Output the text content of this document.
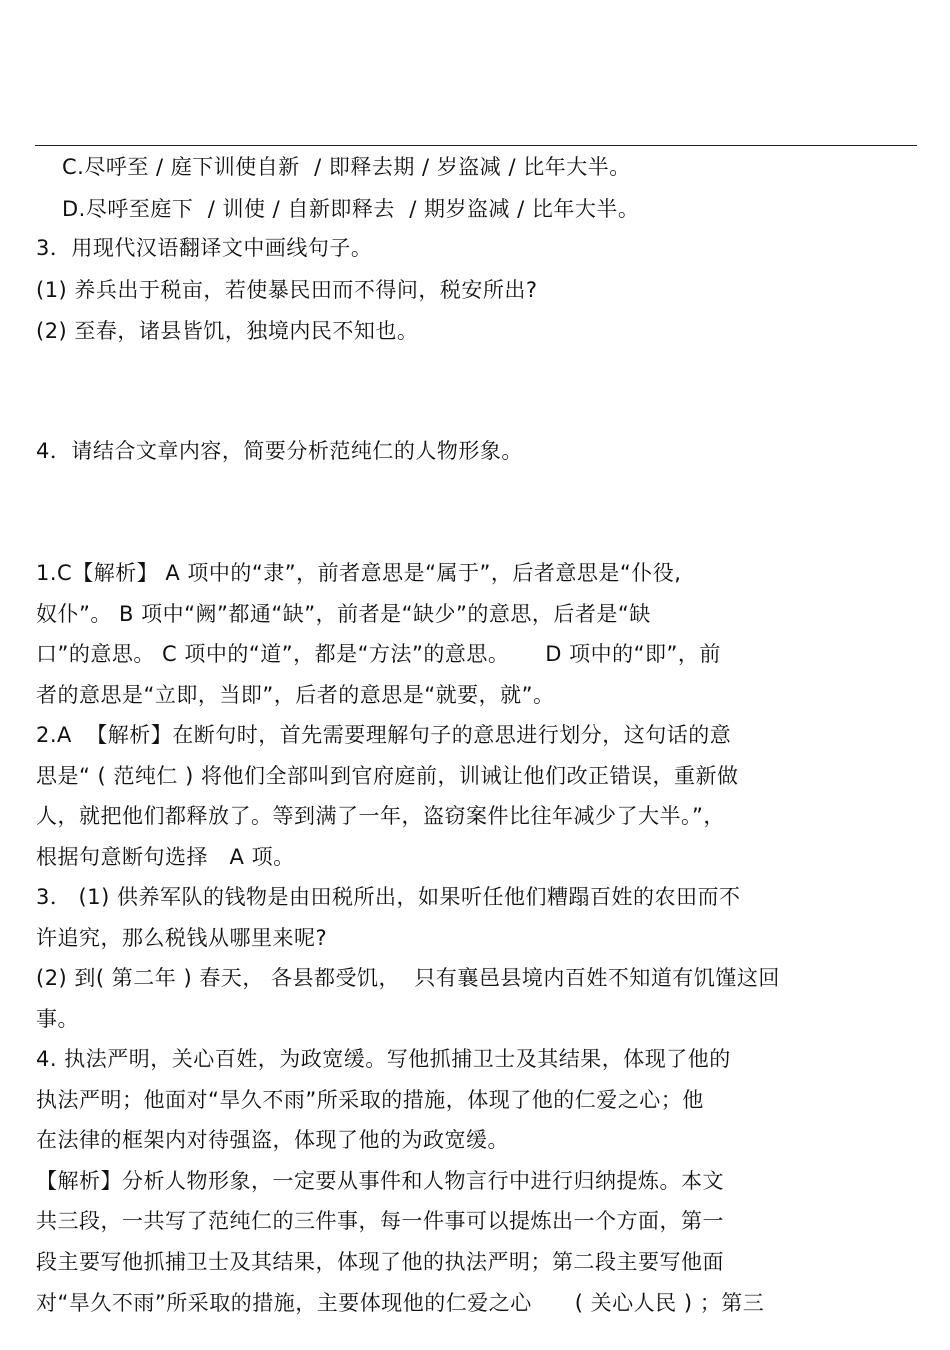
C.尽呼至 / 庭下训使自新  / 即释去期 / 岁盗减 / 比年大半。
D.尽呼至庭下  / 训使 / 自新即释去  / 期岁盗减 / 比年大半。
3．用现代汉语翻译文中画线句子。
(1) 养兵出于税亩，若使暴民田而不得问，税安所出?
(2) 至春，诸县皆饥，独境内民不知也。
4．请结合文章内容，简要分析范纯仁的人物形象。
1.C【解析】 A 项中的“隶”，前者意思是“属于”，后者意思是“仆役,
奴仆”。 B 项中“阙”都通“缺”，前者是“缺少”的意思，后者是“缺
口”的意思。 C 项中的“道”，都是“方法”的意思。     D 项中的“即”，前
者的意思是“立即，当即”，后者的意思是“就要，就”。
2.A  【解析】在断句时，首先需要理解句子的意思进行划分，这句话的意
思是“ ( 范纯仁 ) 将他们全部叫到官府庭前，训诫让他们改正错误，重新做
人，就把他们都释放了。等到满了一年，盗窃案件比往年减少了大半。”，
根据句意断句选择   A 项。
3． (1) 供养军队的钱物是由田税所出，如果听任他们糟蹋百姓的农田而不
许追究，那么税钱从哪里来呢?
(2) 到( 第二年 ) 春天， 各县都受饥，  只有襄邑县境内百姓不知道有饥馑这回
事。
4. 执法严明，关心百姓，为政宽缓。写他抓捕卫士及其结果，体现了他的
执法严明；他面对“旱久不雨”所采取的措施，体现了他的仁爱之心；他
在法律的框架内对待强盗，体现了他的为政宽缓。
【解析】分析人物形象，一定要从事件和人物言行中进行归纳提炼。本文
共三段，一共写了范纯仁的三件事，每一件事可以提炼出一个方面，第一
段主要写他抓捕卫士及其结果，体现了他的执法严明；第二段主要写他面
对“旱久不雨”所采取的措施，主要体现他的仁爱之心      ( 关心人民 ) ；第三
